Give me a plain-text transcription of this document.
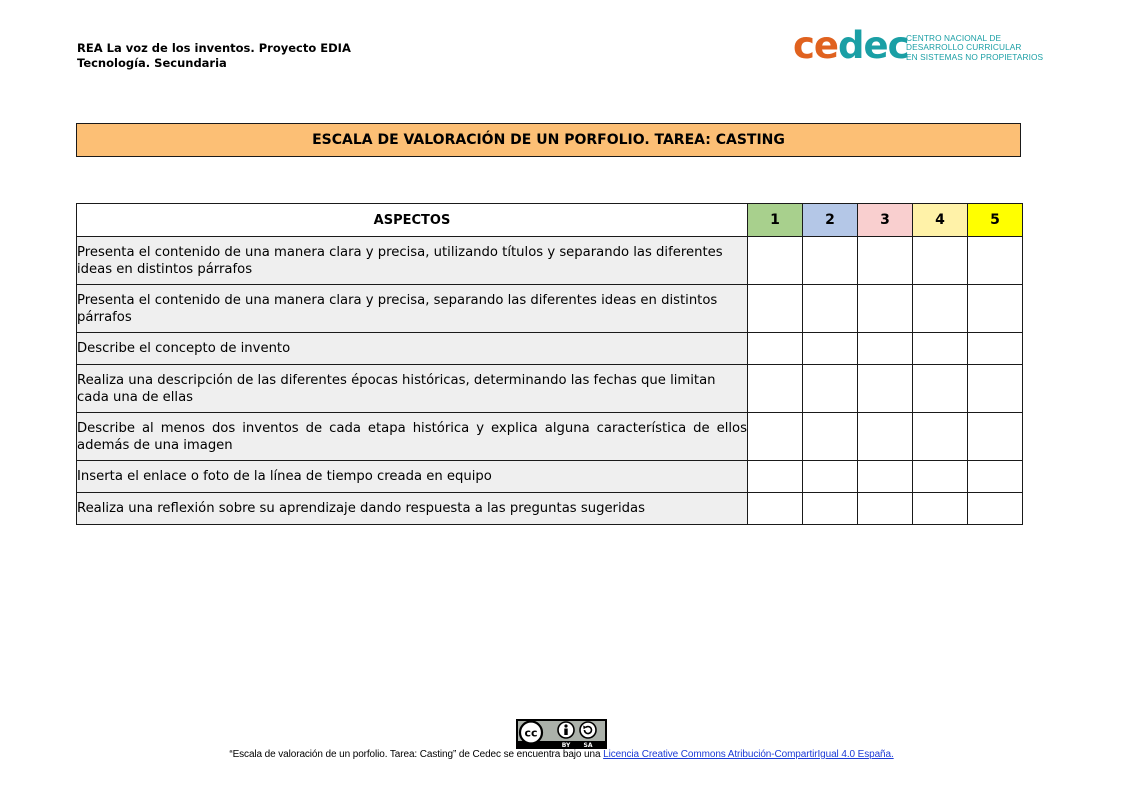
REA La voz de los inventos. Proyecto EDIA
Tecnología. Secundaria	cedec
CENTRO NACIONAL DE
DESARROLLO CURRICULAR
EN SISTEMAS NO PROPIETARIOS
ESCALA DE VALORACIÓN DE UN PORFOLIO. TAREA: CASTING
ASPECTOS	1	2	3	4	5
Presenta el contenido de una manera clara y precisa, utilizando títulos y separando las diferentes ideas en distintos párrafos					
Presenta el contenido de una manera clara y precisa, separando las diferentes ideas en distintos párrafos					
Describe el concepto de invento					
Realiza una descripción de las diferentes épocas históricas, determinando las fechas que limitan cada una de ellas					
Describe al menos dos inventos de cada etapa histórica y explica alguna característica de ellos además de una imagen					
Inserta el enlace o foto de la línea de tiempo creada en equipo					
Realiza una reflexión sobre su aprendizaje dando respuesta a las preguntas sugeridas					
cc
BY SA
“Escala de valoración de un porfolio. Tarea: Casting” de Cedec se encuentra bajo una Licencia Creative Commons Atribución-CompartirIgual 4.0 España.
